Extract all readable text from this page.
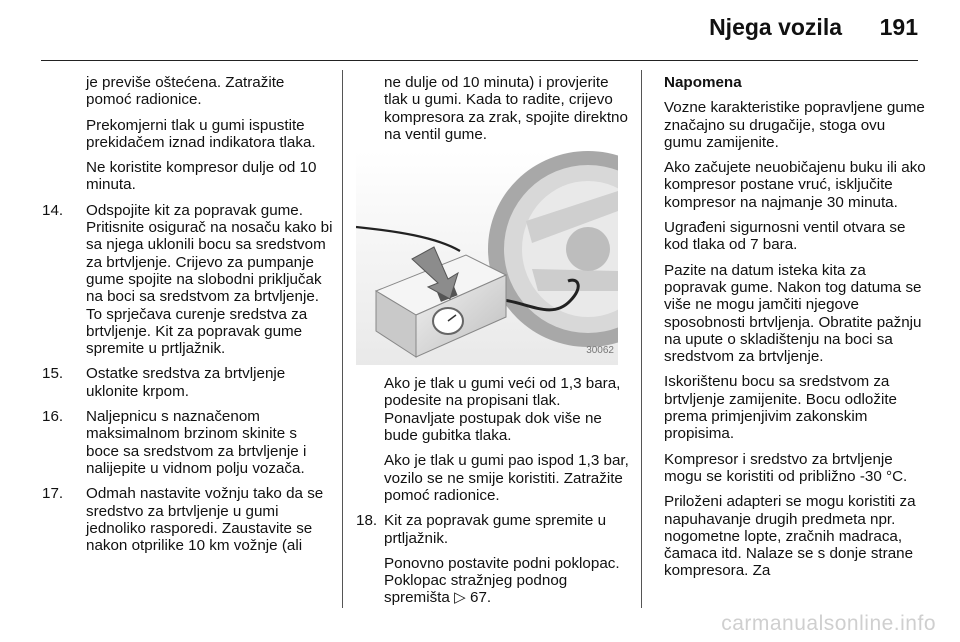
Njega vozila 191

je previše oštećena. Zatražite pomoć radionice.

Prekomjerni tlak u gumi ispustite prekidačem iznad indikatora tlaka.

Ne koristite kompresor dulje od 10 minuta.

14. Odspojite kit za popravak gume. Pritisnite osigurač na nosaču kako bi sa njega uklonili bocu sa sredstvom za brtvljenje. Crijevo za pumpanje gume spojite na slobodni priključak na boci sa sredstvom za brtvljenje. To sprječava curenje sredstva za brtvljenje. Kit za popravak gume spremite u prtljažnik.
15. Ostatke sredstva za brtvljenje uklonite krpom.
16. Naljepnicu s naznačenom maksimalnom brzinom skinite s boce sa sredstvom za brtvljenje i nalijepite u vidnom polju vozača.
17. Odmah nastavite vožnju tako da se sredstvo za brtvljenje u gumi jednoliko rasporedi. Zaustavite se nakon otprilike 10 km vožnje (ali

ne dulje od 10 minuta) i provjerite tlak u gumi. Kada to radite, crijevo kompresora za zrak, spojite direktno na ventil gume.

30062

Ako je tlak u gumi veći od 1,3 bara, podesite na propisani tlak. Ponavljate postupak dok više ne bude gubitka tlaka.

Ako je tlak u gumi pao ispod 1,3 bar, vozilo se ne smije koristiti. Zatražite pomoć radionice.

18. Kit za popravak gume spremite u prtljažnik.

Ponovno postavite podni poklopac. Poklopac stražnjeg podnog spremišta ▷ 67.

Napomena

Vozne karakteristike popravljene gume značajno su drugačije, stoga ovu gumu zamijenite.

Ako začujete neuobičajenu buku ili ako kompresor postane vruć, isključite kompresor na najmanje 30 minuta.

Ugrađeni sigurnosni ventil otvara se kod tlaka od 7 bara.

Pazite na datum isteka kita za popravak gume. Nakon tog datuma se više ne mogu jamčiti njegove sposobnosti brtvljenja. Obratite pažnju na upute o skladištenju na boci sa sredstvom za brtvljenje.

Iskorištenu bocu sa sredstvom za brtvljenje zamijenite. Bocu odložite prema primjenjivim zakonskim propisima.

Kompresor i sredstvo za brtvljenje mogu se koristiti od približno -30 °C.

Priloženi adapteri se mogu koristiti za napuhavanje drugih predmeta npr. nogometne lopte, zračnih madraca, čamaca itd. Nalaze se s donje strane kompresora. Za

carmanualsonline.info
